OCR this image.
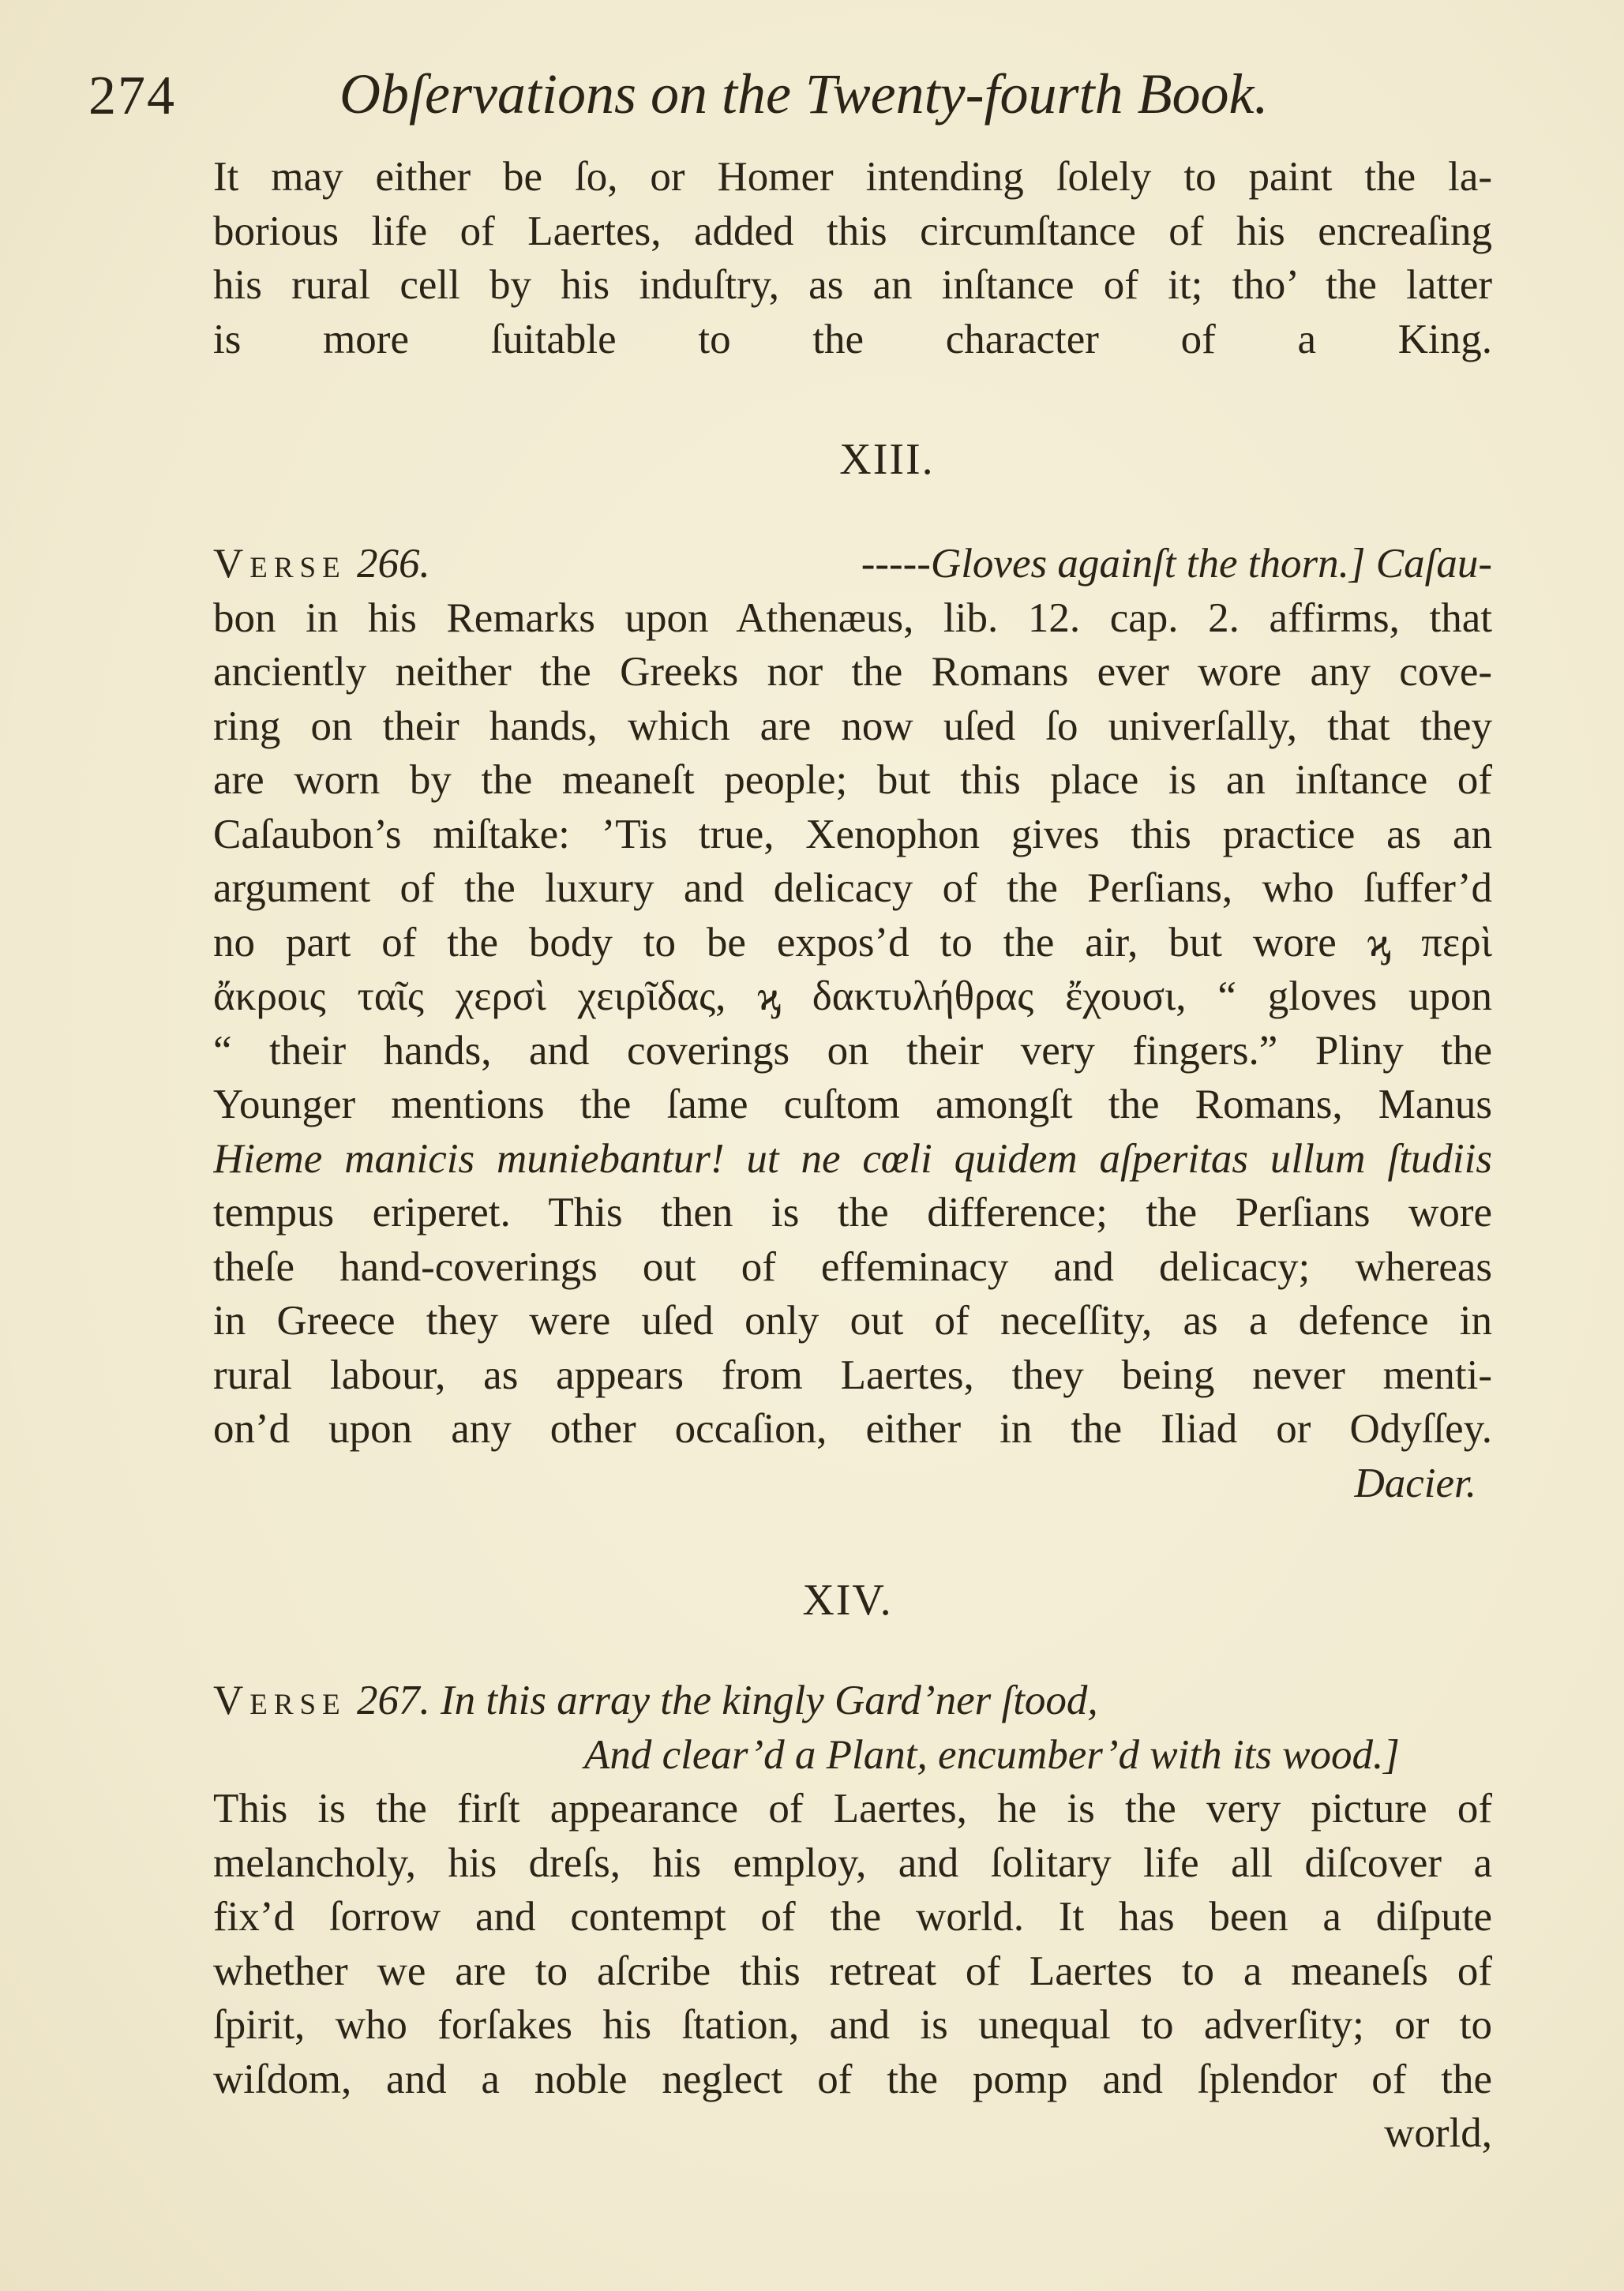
274	Obſervations on the Twenty-fourth Book.
It may either be ſo, or Homer intending ſolely to paint the la-
borious life of Laertes, added this circumſtance of his encreaſing
his rural cell by his induſtry, as an inſtance of it; tho’ the latter
is more ſuitable to the character of a King.
XIII.
Verse 266.	-----Gloves againſt the thorn.] Caſau-
bon in his Remarks upon Athenæus, lib. 12. cap. 2. affirms, that
anciently neither the Greeks nor the Romans ever wore any cove-
ring on their hands, which are now uſed ſo univerſally, that they
are worn by the meaneſt people; but this place is an inſtance of
Caſaubon’s miſtake: ’Tis true, Xenophon gives this practice as an
argument of the luxury and delicacy of the Perſians, who ſuffer’d
no part of the body to be expos’d to the air, but wore ϗ περὶ
ἄκροις ταῖς χερσὶ χειρῖδας, ϗ δακτυλήθρας ἔχουσι, “ gloves upon
“ their hands, and coverings on their very fingers.” Pliny the
Younger mentions the ſame cuſtom amongſt the Romans, Manus
Hieme manicis muniebantur! ut ne cœli quidem aſperitas ullum ſtudiis
tempus eriperet. This then is the difference; the Perſians wore
theſe hand-coverings out of effeminacy and delicacy; whereas
in Greece they were uſed only out of neceſſity, as a defence in
rural labour, as appears from Laertes, they being never menti-
on’d upon any other occaſion, either in the Iliad or Odyſſey.
Dacier.
XIV.
Verse 267. In this array the kingly Gard’ner ſtood,
And clear’d a Plant, encumber’d with its wood.]
This is the firſt appearance of Laertes, he is the very picture of
melancholy, his dreſs, his employ, and ſolitary life all diſcover a
fix’d ſorrow and contempt of the world. It has been a diſpute
whether we are to aſcribe this retreat of Laertes to a meaneſs of
ſpirit, who forſakes his ſtation, and is unequal to adverſity; or to
wiſdom, and a noble neglect of the pomp and ſplendor of the
world,
